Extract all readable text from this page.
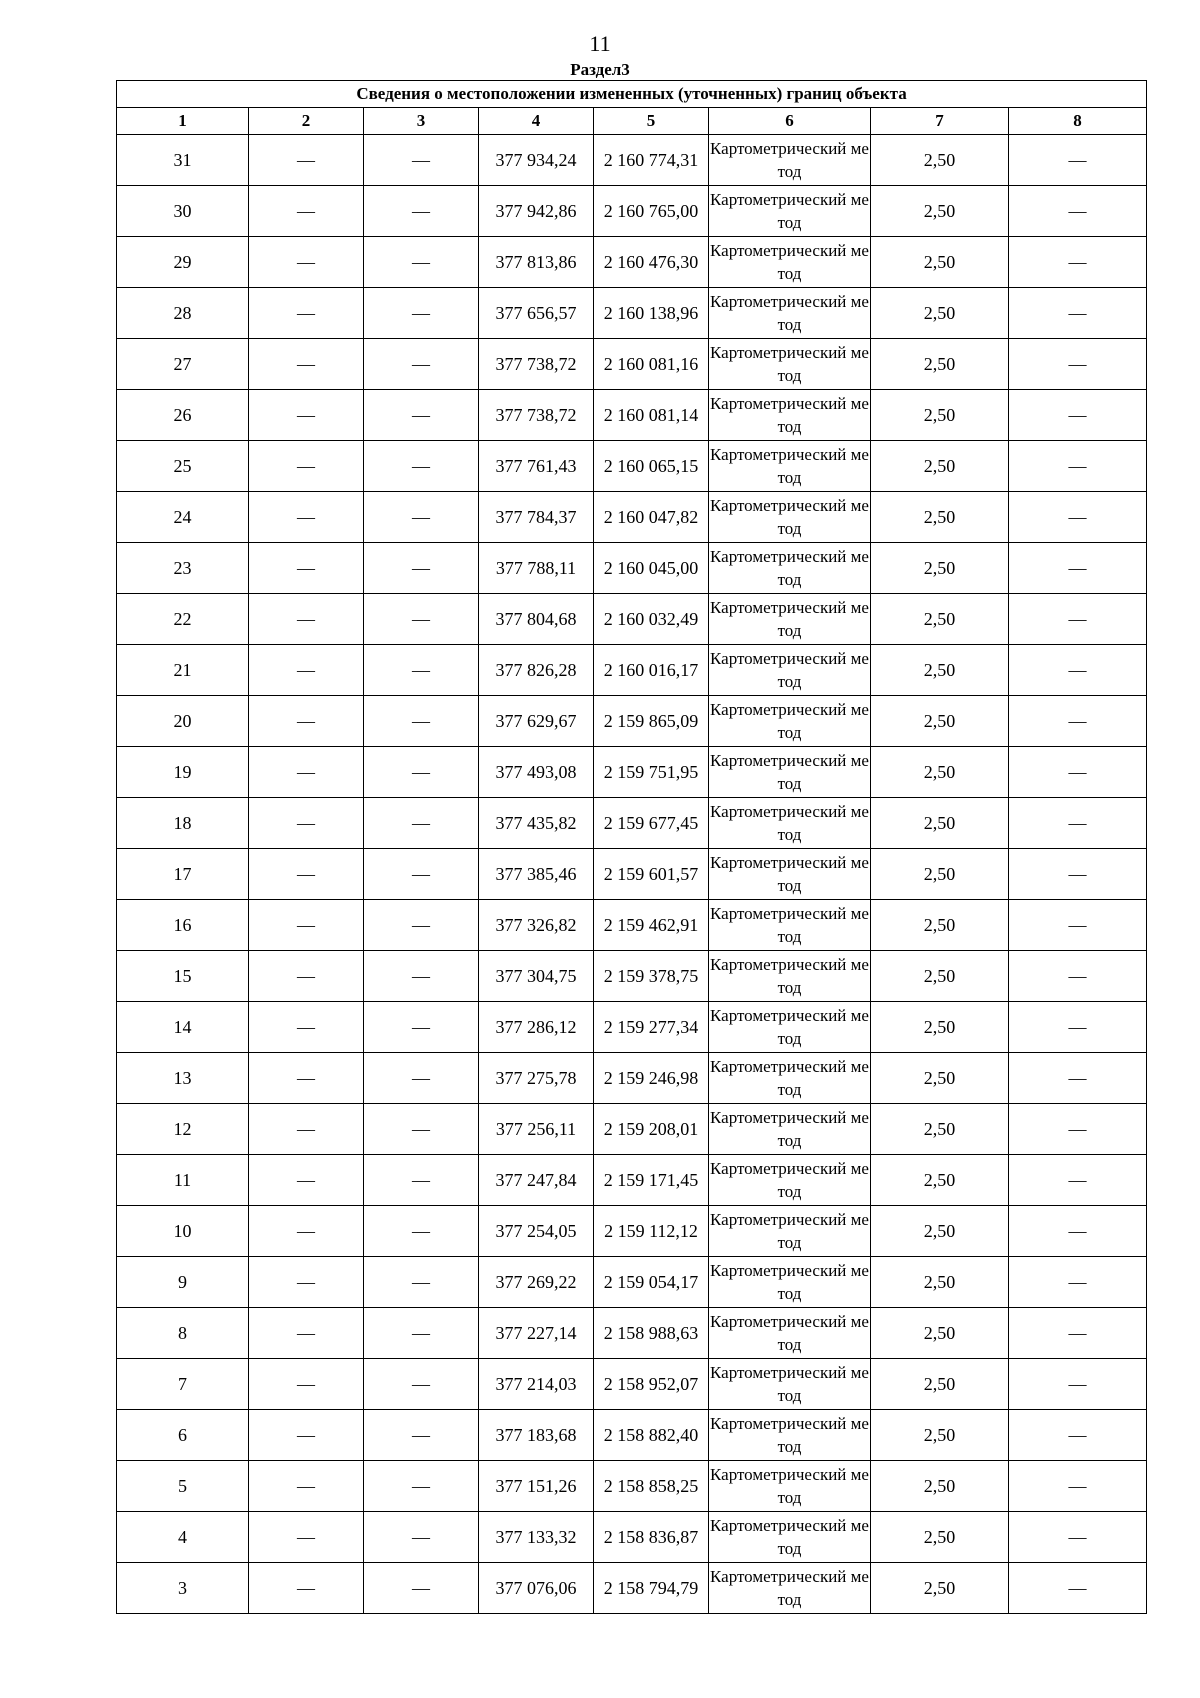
11
Раздел3
Сведения о местоположении измененных (уточненных) границ объекта							
1	2	3	4	5	6	7	8
31	—	—	377 934,24	2 160 774,31	Картометрический метод	2,50	—
30	—	—	377 942,86	2 160 765,00	Картометрический метод	2,50	—
29	—	—	377 813,86	2 160 476,30	Картометрический метод	2,50	—
28	—	—	377 656,57	2 160 138,96	Картометрический метод	2,50	—
27	—	—	377 738,72	2 160 081,16	Картометрический метод	2,50	—
26	—	—	377 738,72	2 160 081,14	Картометрический метод	2,50	—
25	—	—	377 761,43	2 160 065,15	Картометрический метод	2,50	—
24	—	—	377 784,37	2 160 047,82	Картометрический метод	2,50	—
23	—	—	377 788,11	2 160 045,00	Картометрический метод	2,50	—
22	—	—	377 804,68	2 160 032,49	Картометрический метод	2,50	—
21	—	—	377 826,28	2 160 016,17	Картометрический метод	2,50	—
20	—	—	377 629,67	2 159 865,09	Картометрический метод	2,50	—
19	—	—	377 493,08	2 159 751,95	Картометрический метод	2,50	—
18	—	—	377 435,82	2 159 677,45	Картометрический метод	2,50	—
17	—	—	377 385,46	2 159 601,57	Картометрический метод	2,50	—
16	—	—	377 326,82	2 159 462,91	Картометрический метод	2,50	—
15	—	—	377 304,75	2 159 378,75	Картометрический метод	2,50	—
14	—	—	377 286,12	2 159 277,34	Картометрический метод	2,50	—
13	—	—	377 275,78	2 159 246,98	Картометрический метод	2,50	—
12	—	—	377 256,11	2 159 208,01	Картометрический метод	2,50	—
11	—	—	377 247,84	2 159 171,45	Картометрический метод	2,50	—
10	—	—	377 254,05	2 159 112,12	Картометрический метод	2,50	—
9	—	—	377 269,22	2 159 054,17	Картометрический метод	2,50	—
8	—	—	377 227,14	2 158 988,63	Картометрический метод	2,50	—
7	—	—	377 214,03	2 158 952,07	Картометрический метод	2,50	—
6	—	—	377 183,68	2 158 882,40	Картометрический метод	2,50	—
5	—	—	377 151,26	2 158 858,25	Картометрический метод	2,50	—
4	—	—	377 133,32	2 158 836,87	Картометрический метод	2,50	—
3	—	—	377 076,06	2 158 794,79	Картометрический метод	2,50	—
